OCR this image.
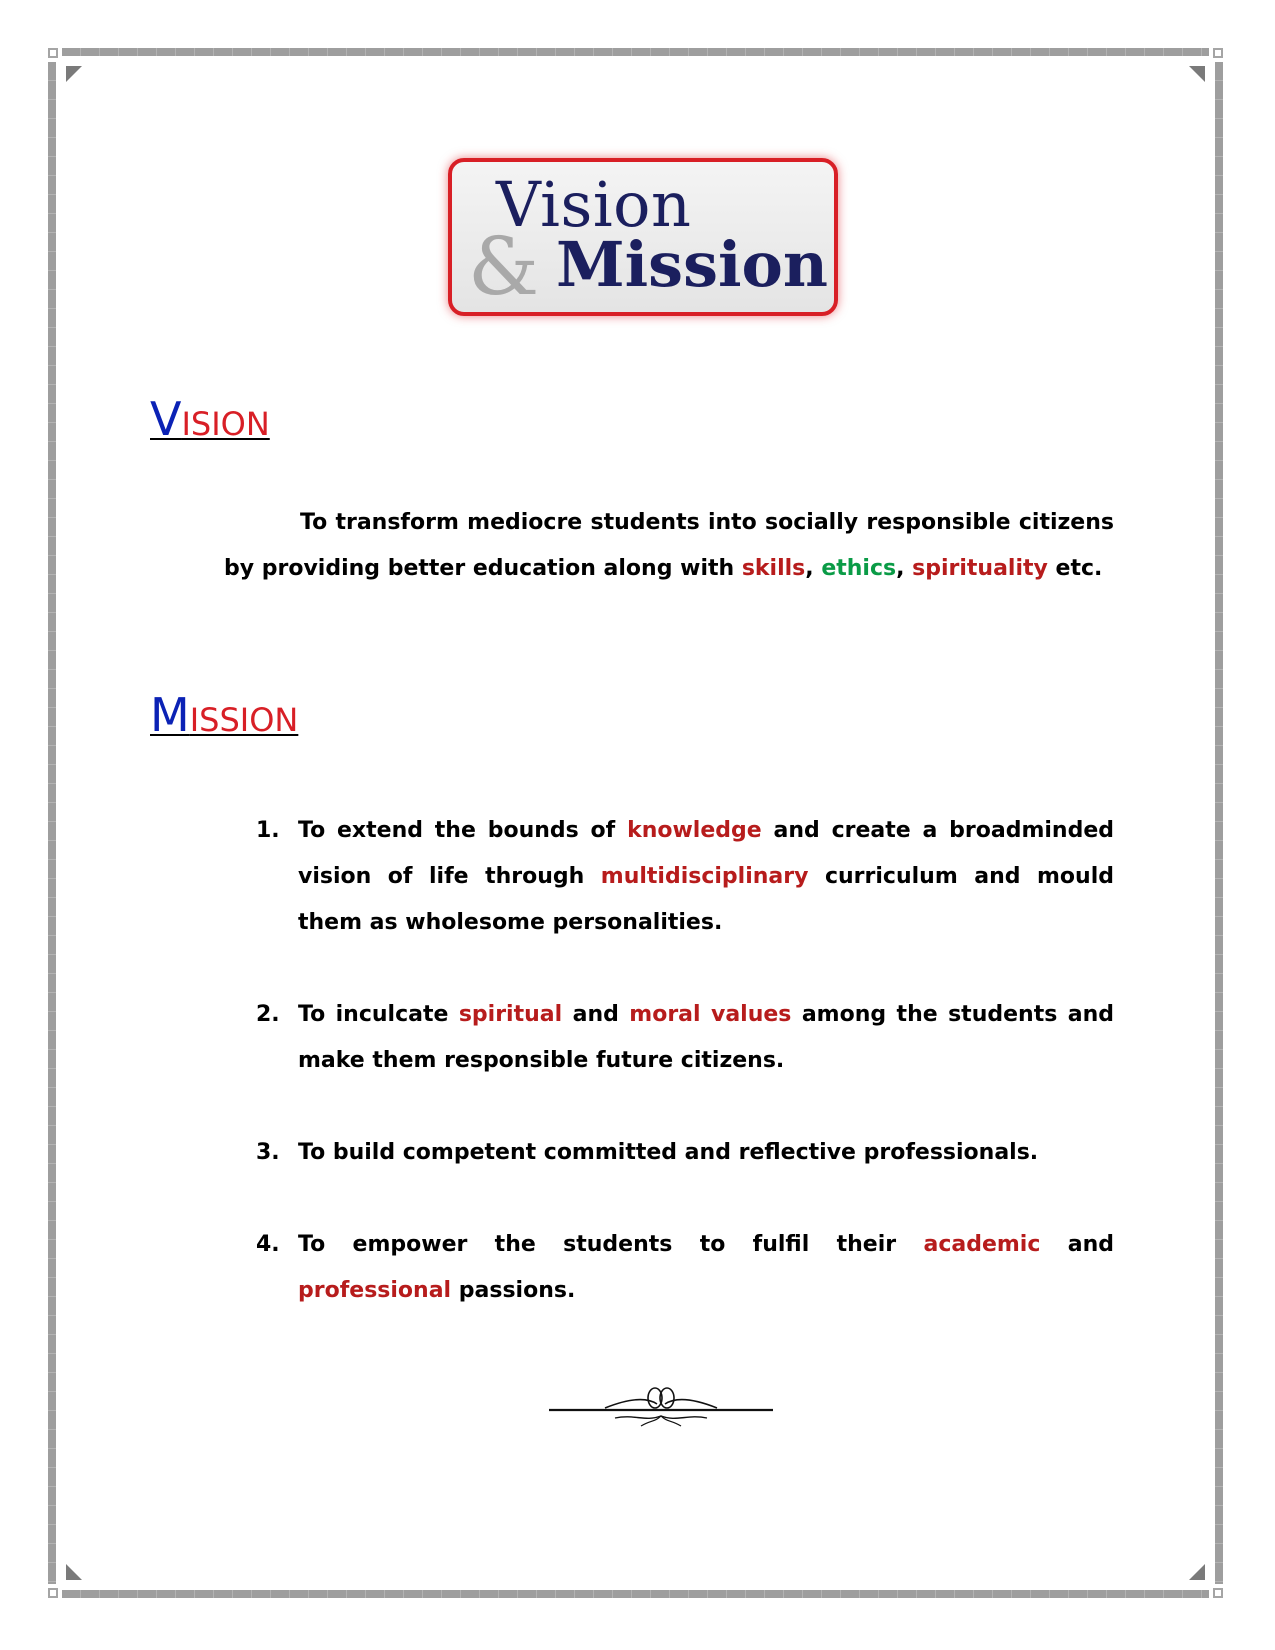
&
Vision
Mission
VISION
To transform mediocre students into socially responsible citizens by providing better education along with skills, ethics, spirituality etc.
MISSION
1. To extend the bounds of knowledge and create a broadminded vision of life through multidisciplinary curriculum and mould them as wholesome personalities.
2. To inculcate spiritual and moral values among the students and make them responsible future citizens.
3. To build competent committed and reflective professionals.
4. To empower the students to fulfil their academic and professional passions.
